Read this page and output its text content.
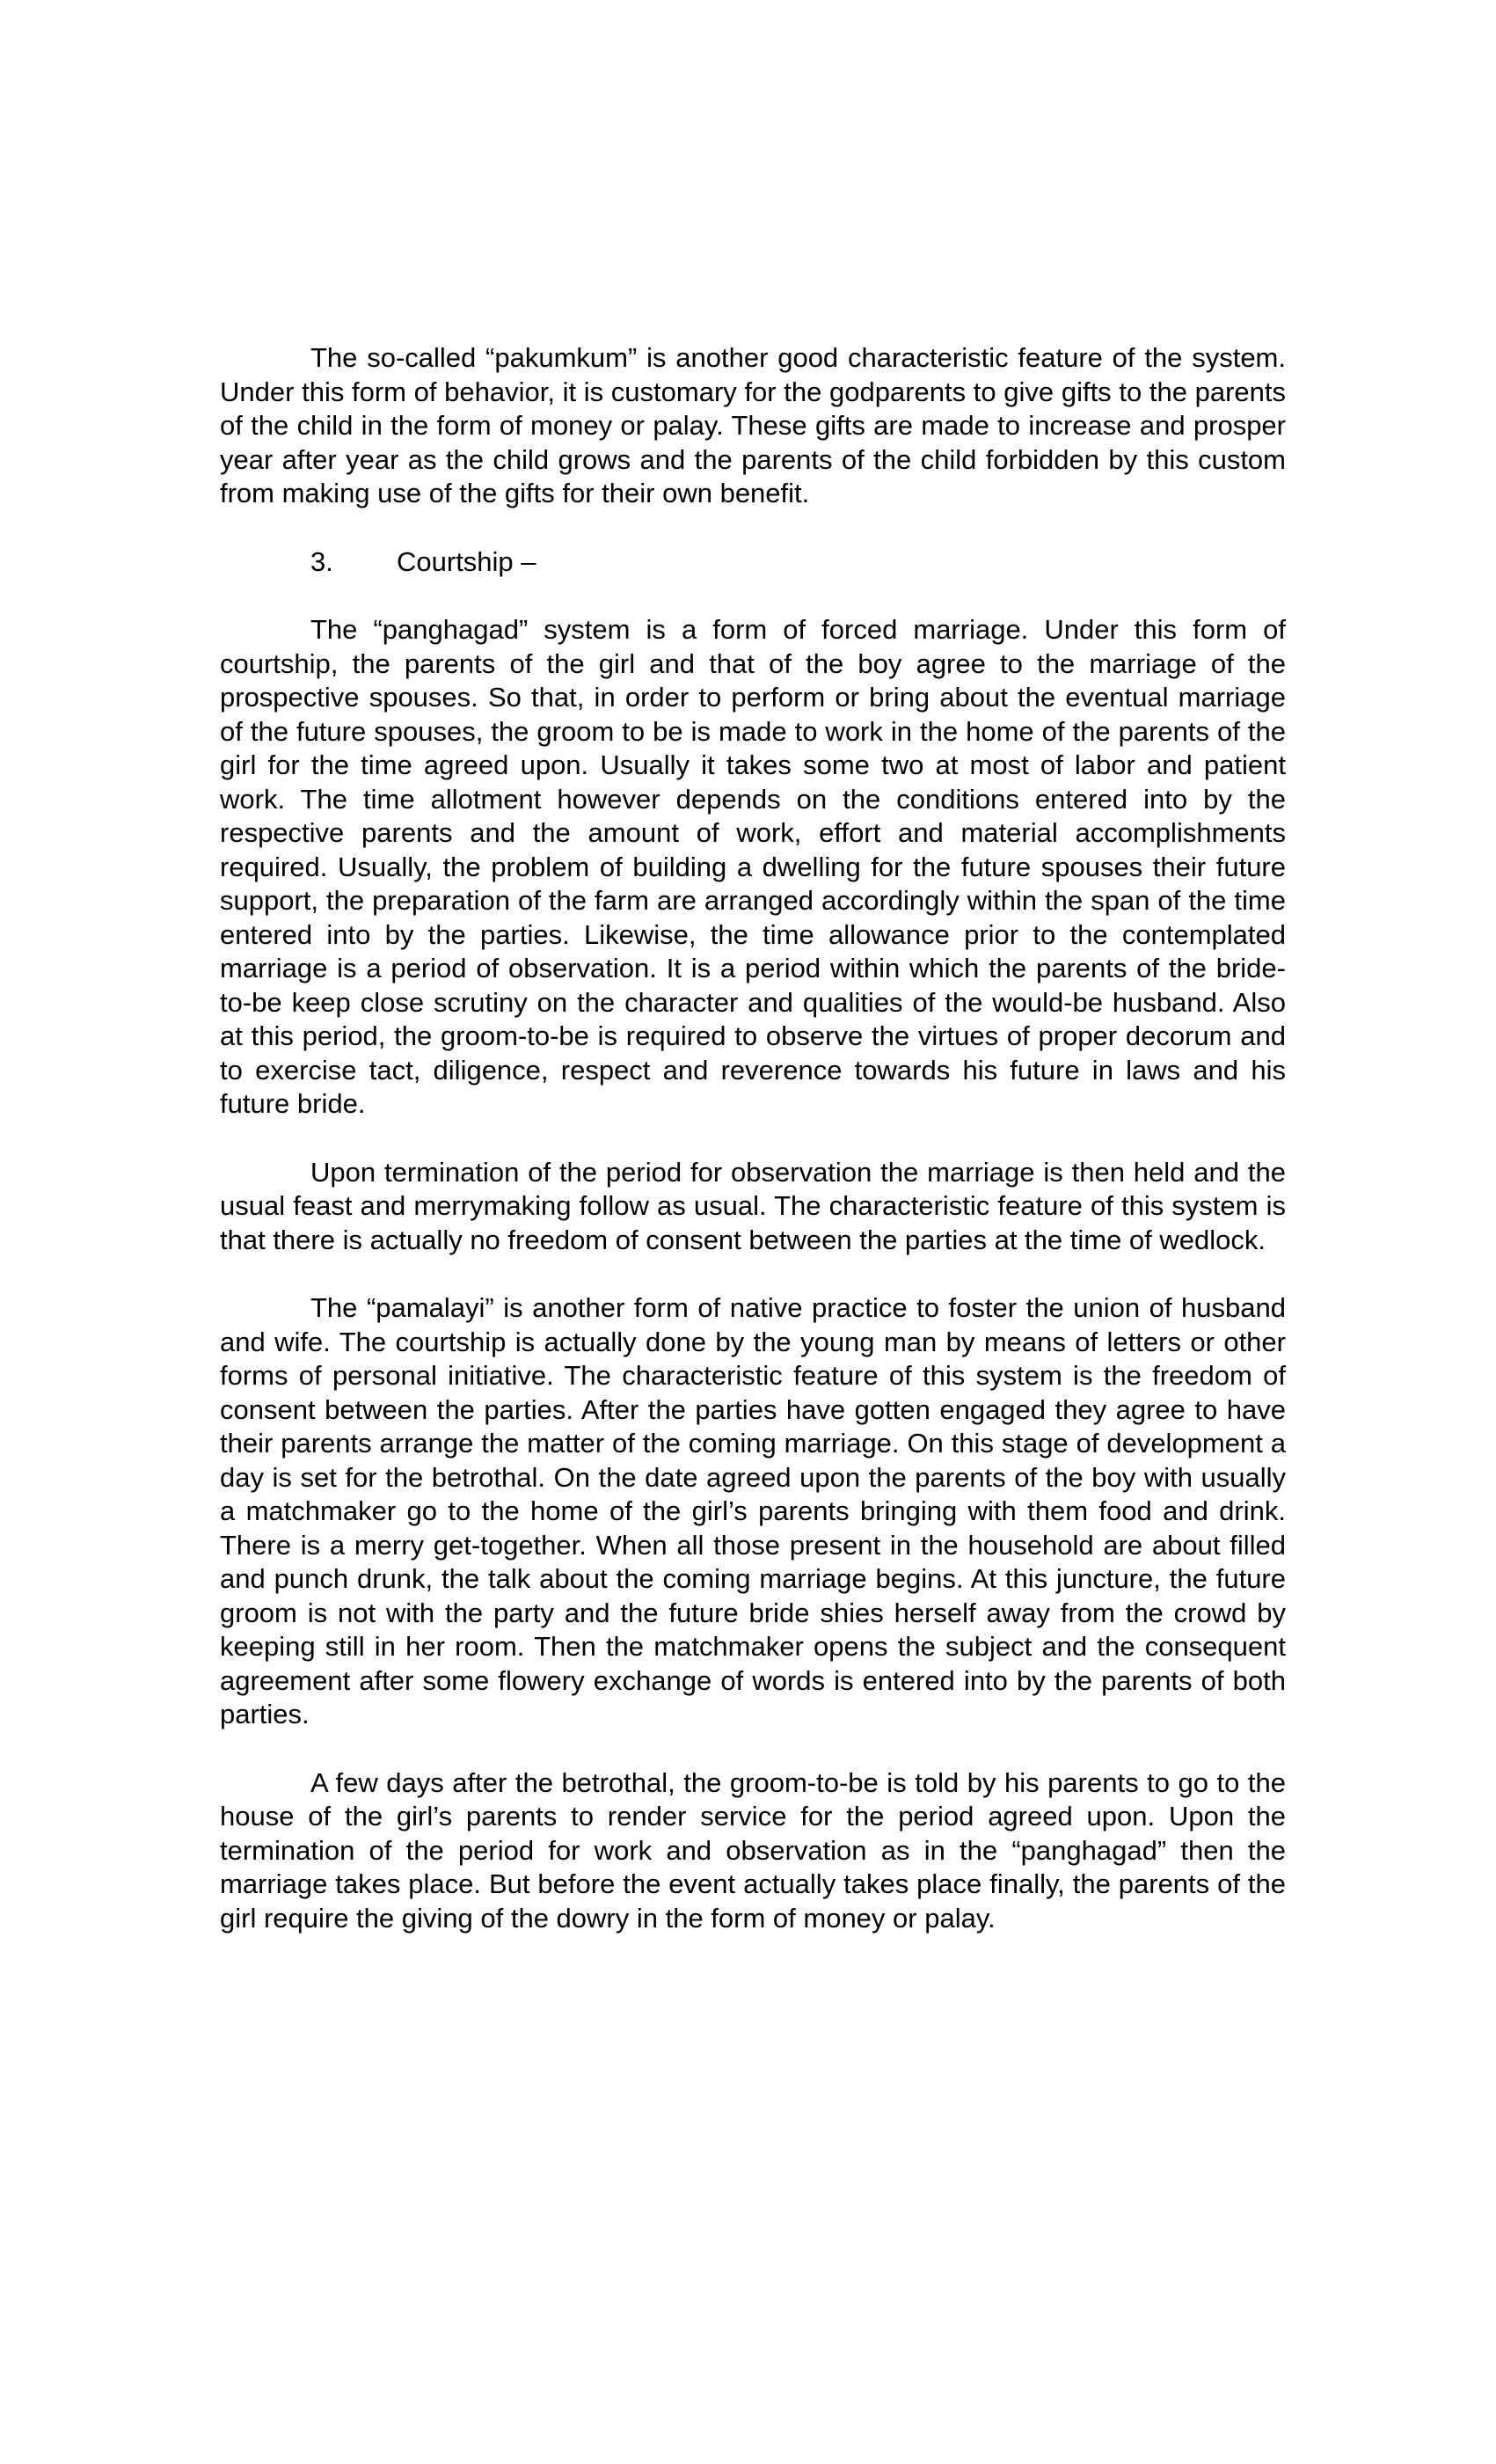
The so-called “pakumkum” is another good characteristic feature of the system. Under this form of behavior, it is customary for the godparents to give gifts to the parents of the child in the form of money or palay. These gifts are made to increase and prosper year after year as the child grows and the parents of the child forbidden by this custom from making use of the gifts for their own benefit.

3. Courtship –

The “panghagad” system is a form of forced marriage. Under this form of courtship, the parents of the girl and that of the boy agree to the marriage of the prospective spouses. So that, in order to perform or bring about the eventual marriage of the future spouses, the groom to be is made to work in the home of the parents of the girl for the time agreed upon. Usually it takes some two at most of labor and patient work. The time allotment however depends on the conditions entered into by the respective parents and the amount of work, effort and material accomplishments required. Usually, the problem of building a dwelling for the future spouses their future support, the preparation of the farm are arranged accordingly within the span of the time entered into by the parties. Likewise, the time allowance prior to the contemplated marriage is a period of observation. It is a period within which the parents of the bride-to-be keep close scrutiny on the character and qualities of the would-be husband. Also at this period, the groom-to-be is required to observe the virtues of proper decorum and to exercise tact, diligence, respect and reverence towards his future in laws and his future bride.

Upon termination of the period for observation the marriage is then held and the usual feast and merrymaking follow as usual. The characteristic feature of this system is that there is actually no freedom of consent between the parties at the time of wedlock.

The “pamalayi” is another form of native practice to foster the union of husband and wife. The courtship is actually done by the young man by means of letters or other forms of personal initiative. The characteristic feature of this system is the freedom of consent between the parties. After the parties have gotten engaged they agree to have their parents arrange the matter of the coming marriage. On this stage of development a day is set for the betrothal. On the date agreed upon the parents of the boy with usually a matchmaker go to the home of the girl’s parents bringing with them food and drink. There is a merry get-together. When all those present in the household are about filled and punch drunk, the talk about the coming marriage begins. At this juncture, the future groom is not with the party and the future bride shies herself away from the crowd by keeping still in her room. Then the matchmaker opens the subject and the consequent agreement after some flowery exchange of words is entered into by the parents of both parties.

A few days after the betrothal, the groom-to-be is told by his parents to go to the house of the girl’s parents to render service for the period agreed upon. Upon the termination of the period for work and observation as in the “panghagad” then the marriage takes place. But before the event actually takes place finally, the parents of the girl require the giving of the dowry in the form of money or palay.
